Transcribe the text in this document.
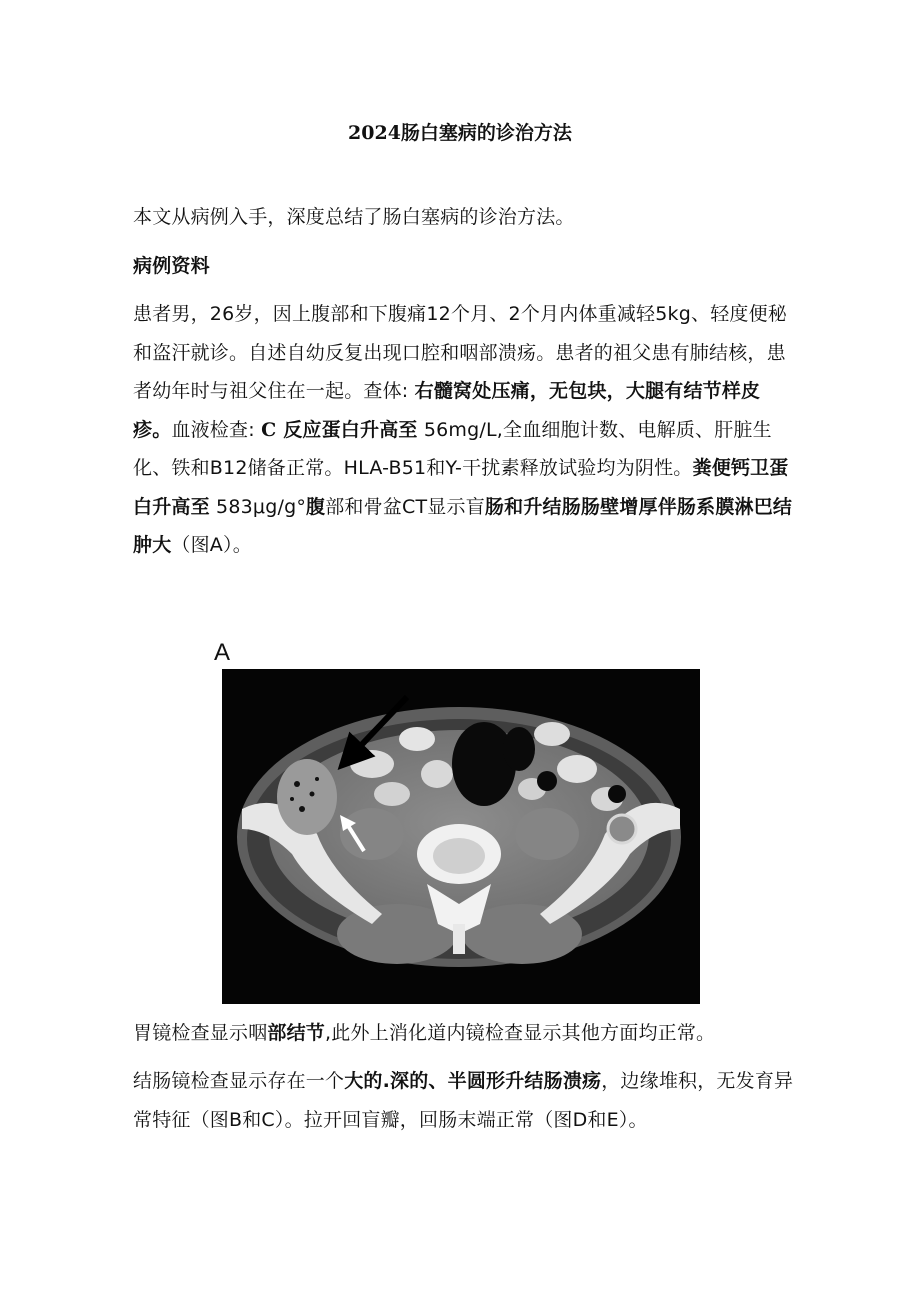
2024肠白塞病的诊治方法

本文从病例入手，深度总结了肠白塞病的诊治方法。

病例资料

患者男，26岁，因上腹部和下腹痛12个月、2个月内体重减轻5kg、轻度便秘和盗汗就诊。自述自幼反复出现口腔和咽部溃疡。患者的祖父患有肺结核，患者幼年时与祖父住在一起。查体: 右髓窝处压痛，无包块，大腿有结节样皮疹。血液检查: C 反应蛋白升高至 56mg/L,全血细胞计数、电解质、肝脏生化、铁和B12储备正常。HLA-B51和Y-干扰素释放试验均为阴性。粪便钙卫蛋白升高至 583μg/g°腹部和骨盆CT显示盲肠和升结肠肠壁增厚伴肠系膜淋巴结肿大（图A）。

A

胃镜检查显示咽部结节,此外上消化道内镜检查显示其他方面均正常。

结肠镜检查显示存在一个大的.深的、半圆形升结肠溃疡，边缘堆积，无发育异常特征（图B和C）。拉开回盲瓣，回肠末端正常（图D和E）。
